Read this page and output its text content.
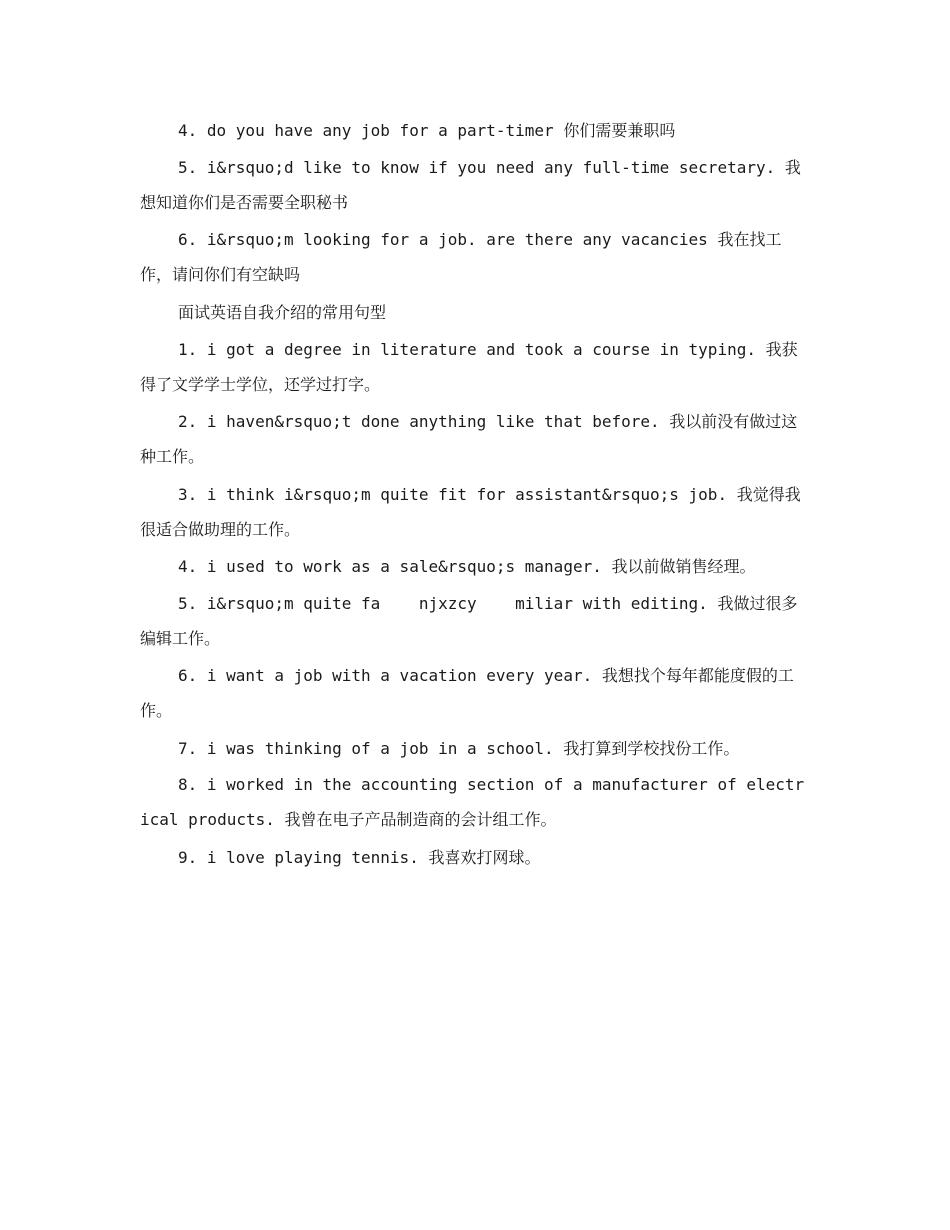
4. do you have any job for a part-timer 你们需要兼职吗

5. i&rsquo;d like to know if you need any full-time secretary. 我想知道你们是否需要全职秘书

6. i&rsquo;m looking for a job. are there any vacancies 我在找工作，请问你们有空缺吗

面试英语自我介绍的常用句型

1. i got a degree in literature and took a course in typing. 我获得了文学学士学位，还学过打字。

2. i haven&rsquo;t done anything like that before. 我以前没有做过这种工作。

3. i think i&rsquo;m quite fit for assistant&rsquo;s job. 我觉得我很适合做助理的工作。

4. i used to work as a sale&rsquo;s manager. 我以前做销售经理。

5. i&rsquo;m quite fa    njxzcy    miliar with editing. 我做过很多编辑工作。

6. i want a job with a vacation every year. 我想找个每年都能度假的工作。

7. i was thinking of a job in a school. 我打算到学校找份工作。

8. i worked in the accounting section of a manufacturer of electrical products. 我曾在电子产品制造商的会计组工作。

9. i love playing tennis. 我喜欢打网球。
